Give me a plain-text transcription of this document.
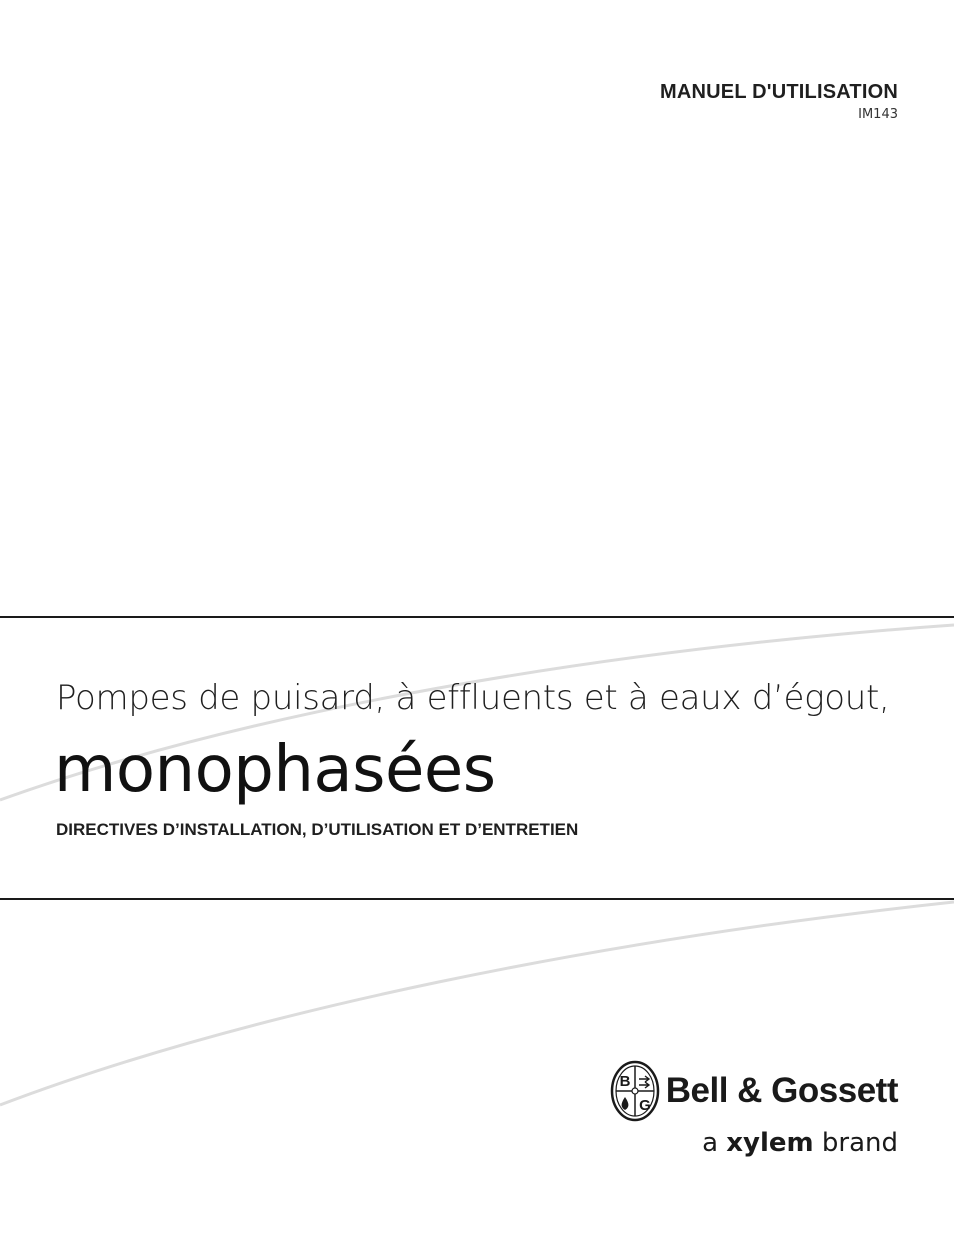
MANUEL D'UTILISATION
IM143
Pompes de puisard, à effluents et à eaux d’égout,
monophasées
DIRECTIVES D’INSTALLATION, D’UTILISATION ET D’ENTRETIEN
B
G Bell & Gossett
a xylem brand
